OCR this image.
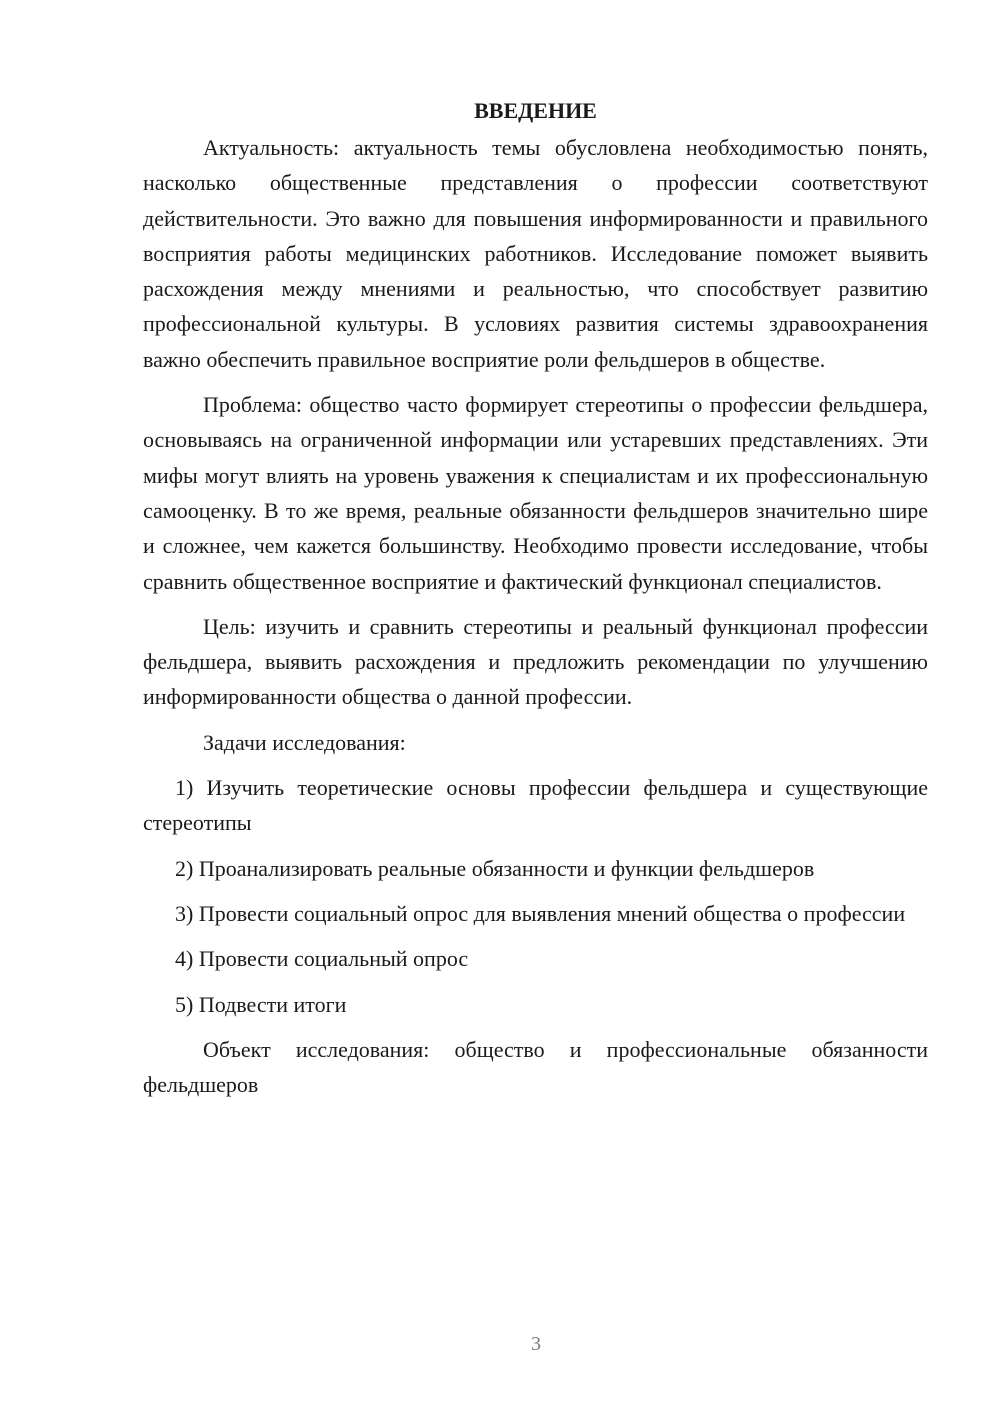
ВВЕДЕНИЕ

Актуальность: актуальность темы обусловлена необходимостью понять, насколько общественные представления о профессии соответствуют действительности. Это важно для повышения информированности и правильного восприятия работы медицинских работников. Исследование поможет выявить расхождения между мнениями и реальностью, что способствует развитию профессиональной культуры. В условиях развития системы здравоохранения важно обеспечить правильное восприятие роли фельдшеров в обществе.

Проблема: общество часто формирует стереотипы о профессии фельдшера, основываясь на ограниченной информации или устаревших представлениях. Эти мифы могут влиять на уровень уважения к специалистам и их профессиональную самооценку. В то же время, реальные обязанности фельдшеров значительно шире и сложнее, чем кажется большинству. Необходимо провести исследование, чтобы сравнить общественное восприятие и фактический функционал специалистов.

Цель: изучить и сравнить стереотипы и реальный функционал профессии фельдшера, выявить расхождения и предложить рекомендации по улучшению информированности общества о данной профессии.

Задачи исследования:

1) Изучить теоретические основы профессии фельдшера и существующие стереотипы

2) Проанализировать реальные обязанности и функции фельдшеров

3) Провести социальный опрос для выявления мнений общества о профессии

4) Провести социальный опрос

5) Подвести итоги

Объект исследования: общество и профессиональные обязанности фельдшеров

3
